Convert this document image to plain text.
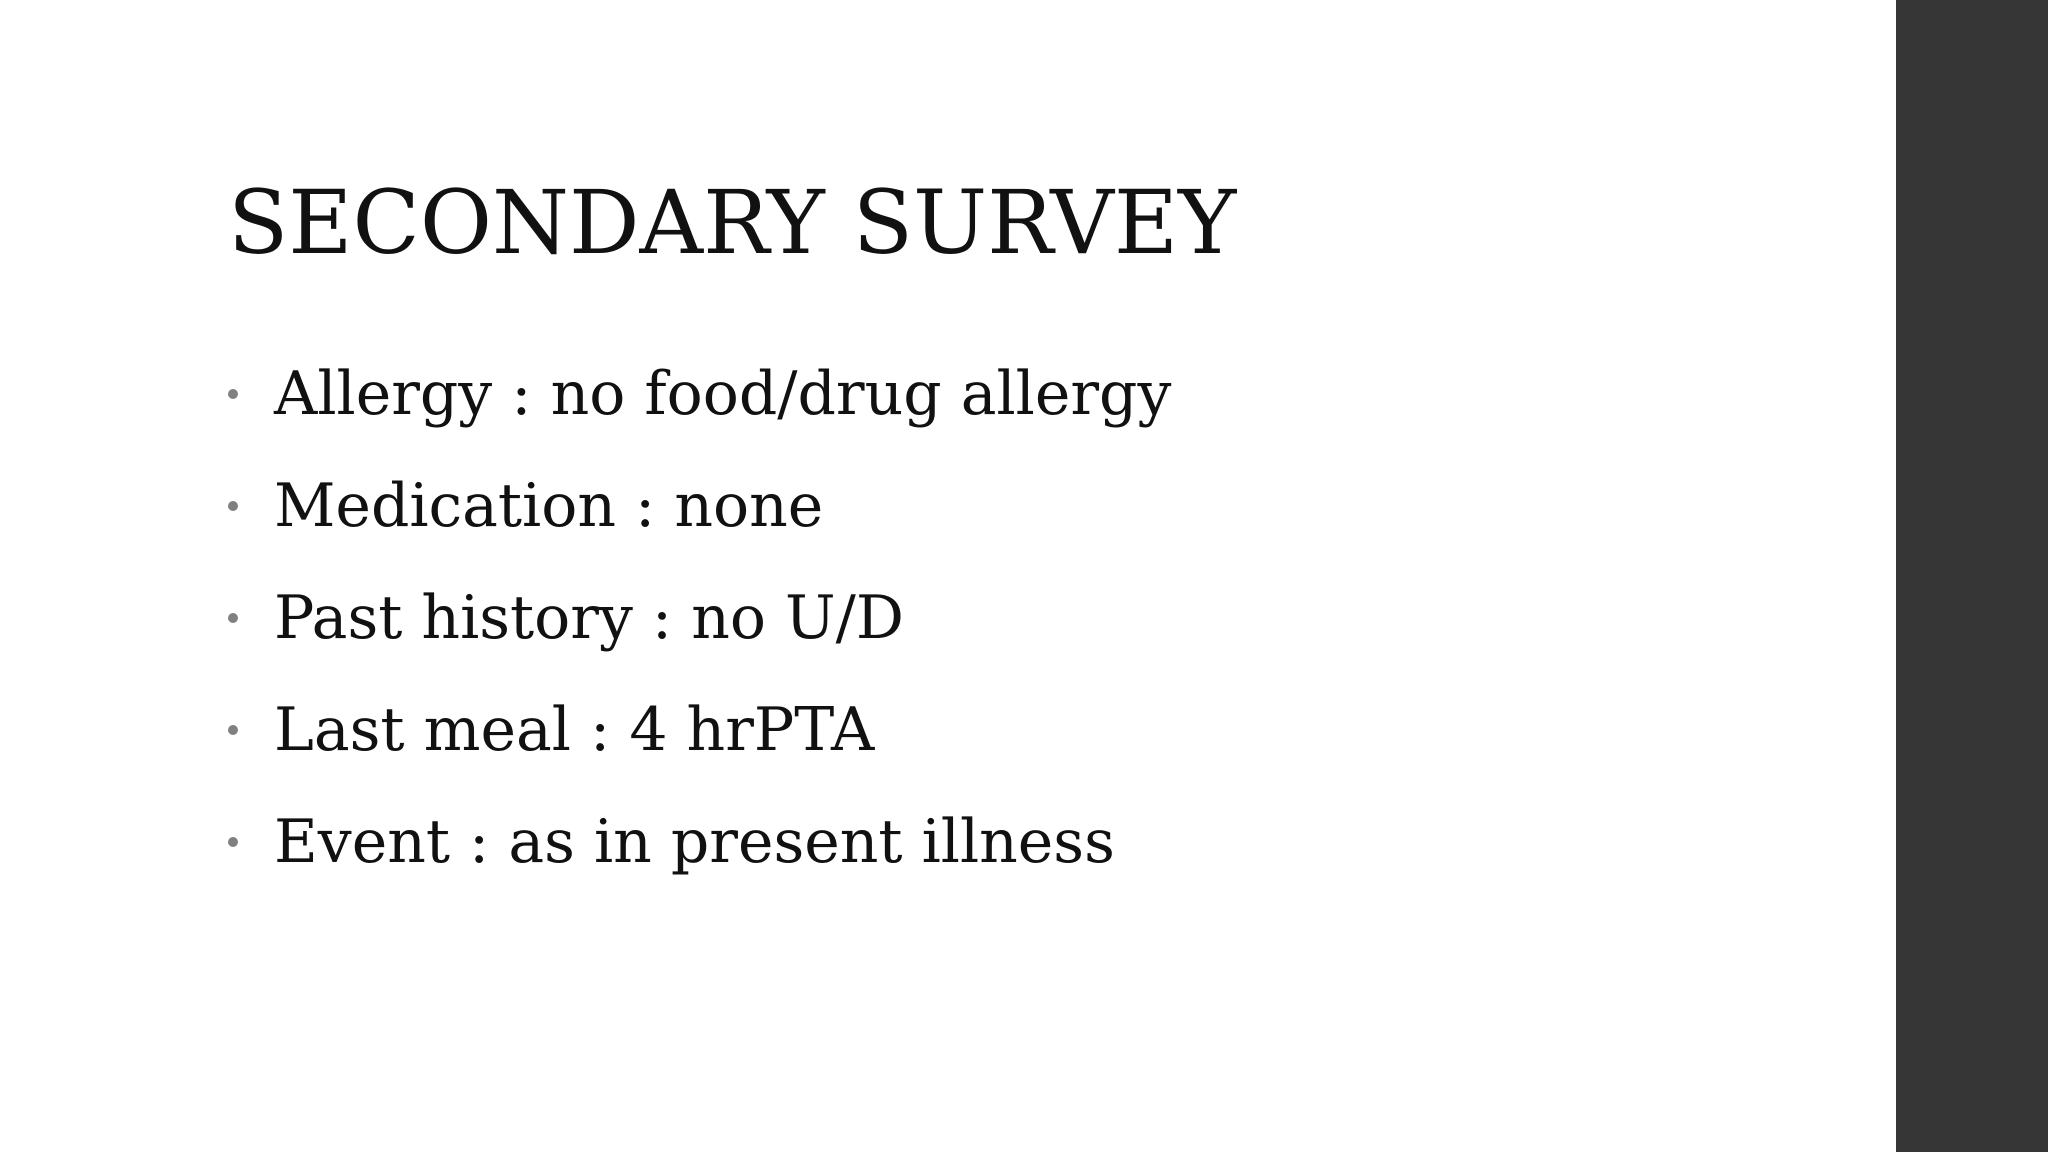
SECONDARY SURVEY
Allergy : no food/drug allergy
Medication : none
Past history : no U/D
Last meal : 4 hrPTA
Event : as in present illness
